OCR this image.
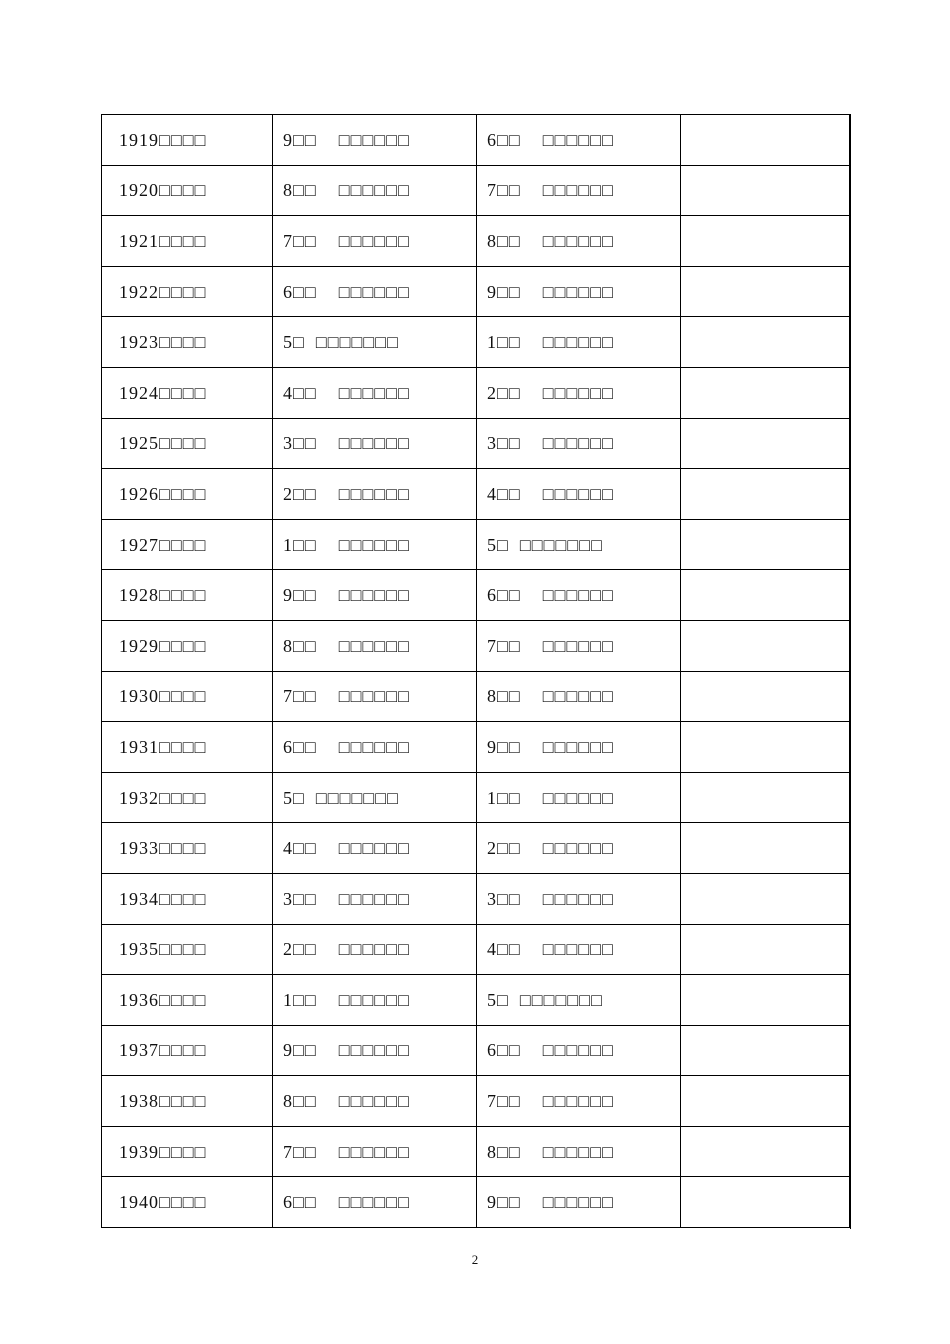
1919□□□□	9□□    □□□□□□	6□□    □□□□□□	
1920□□□□	8□□    □□□□□□	7□□    □□□□□□	
1921□□□□	7□□    □□□□□□	8□□    □□□□□□	
1922□□□□	6□□    □□□□□□	9□□    □□□□□□	
1923□□□□	5□  □□□□□□□	1□□    □□□□□□	
1924□□□□	4□□    □□□□□□	2□□    □□□□□□	
1925□□□□	3□□    □□□□□□	3□□    □□□□□□	
1926□□□□	2□□    □□□□□□	4□□    □□□□□□	
1927□□□□	1□□    □□□□□□	5□  □□□□□□□	
1928□□□□	9□□    □□□□□□	6□□    □□□□□□	
1929□□□□	8□□    □□□□□□	7□□    □□□□□□	
1930□□□□	7□□    □□□□□□	8□□    □□□□□□	
1931□□□□	6□□    □□□□□□	9□□    □□□□□□	
1932□□□□	5□  □□□□□□□	1□□    □□□□□□	
1933□□□□	4□□    □□□□□□	2□□    □□□□□□	
1934□□□□	3□□    □□□□□□	3□□    □□□□□□	
1935□□□□	2□□    □□□□□□	4□□    □□□□□□	
1936□□□□	1□□    □□□□□□	5□  □□□□□□□	
1937□□□□	9□□    □□□□□□	6□□    □□□□□□	
1938□□□□	8□□    □□□□□□	7□□    □□□□□□	
1939□□□□	7□□    □□□□□□	8□□    □□□□□□	
1940□□□□	6□□    □□□□□□	9□□    □□□□□□	
2
